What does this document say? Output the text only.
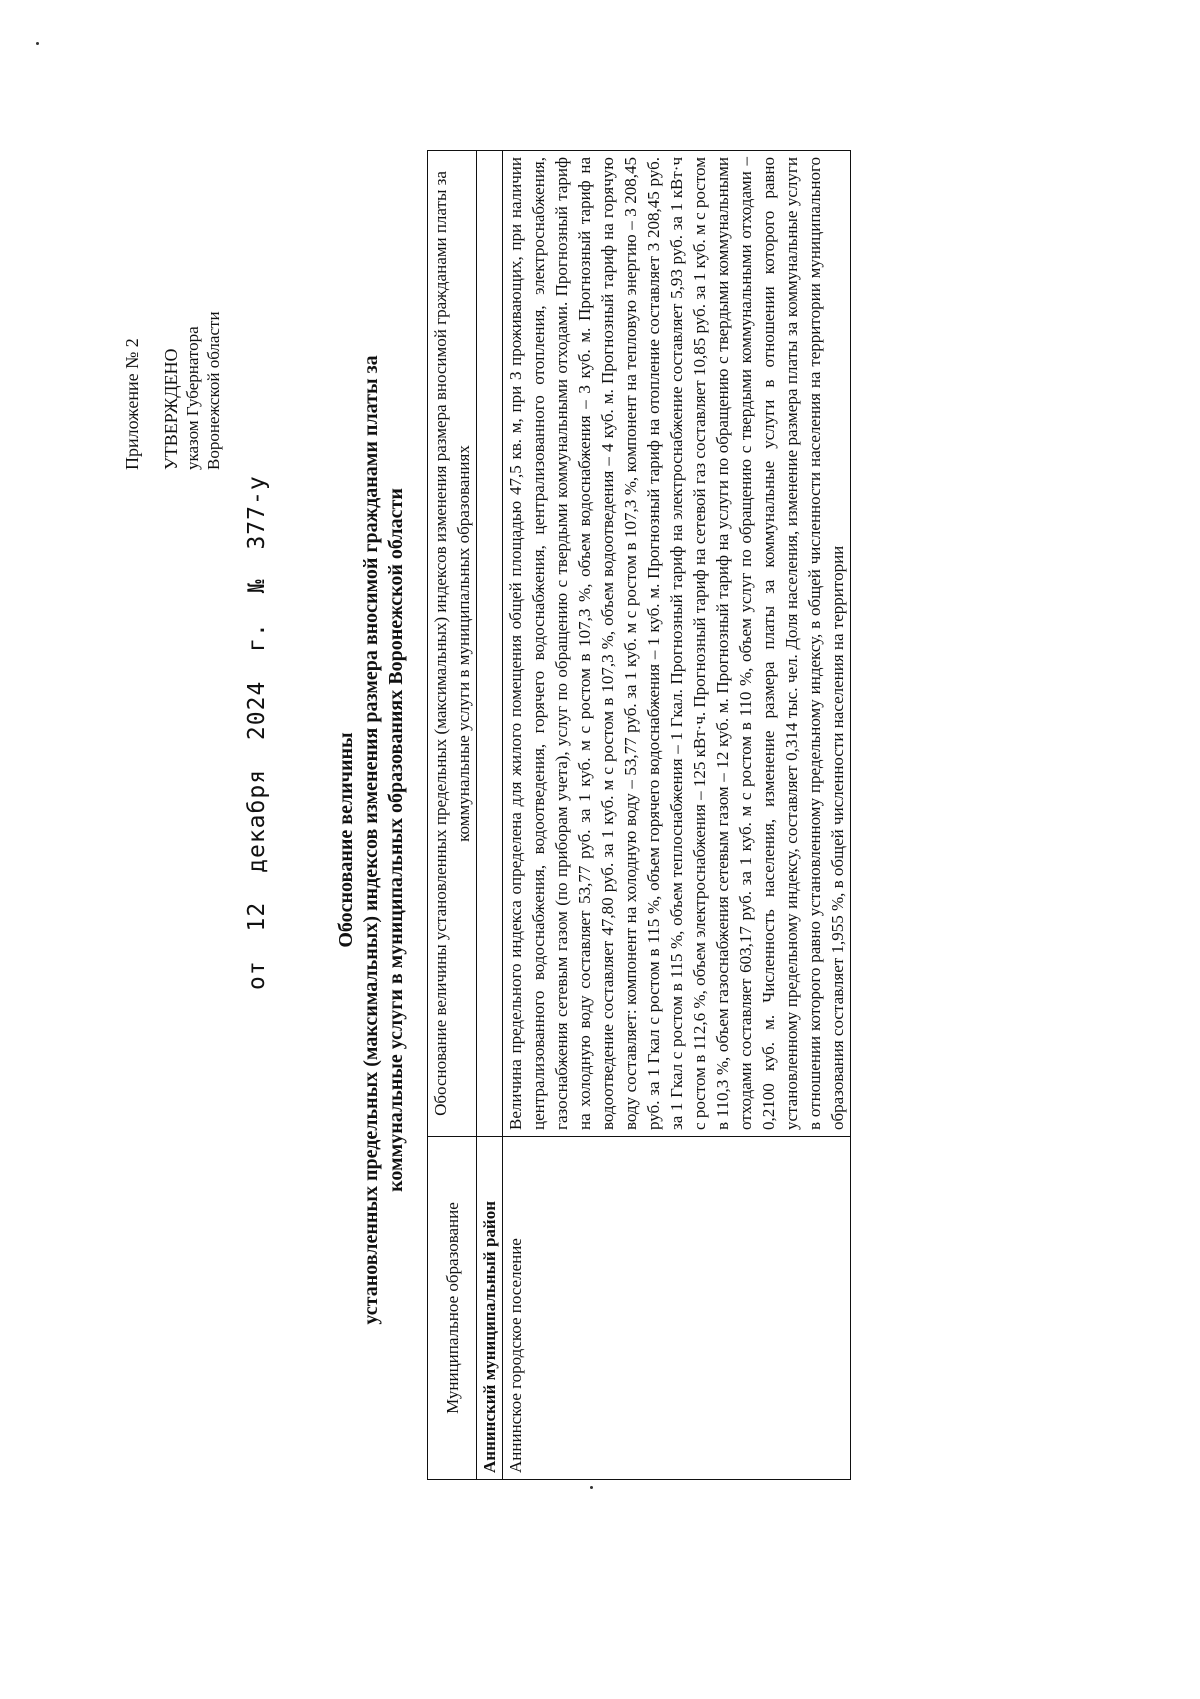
Приложение № 2 УТВЕРЖДЕНО указом Губернатора Воронежской области
от 12 декабря 2024 г. № 377-у
Обоснование величины установленных предельных (максимальных) индексов изменения размера вносимой гражданами платы за коммунальные услуги в муниципальных образованиях Воронежской области
Муниципальное образование	Обоснование величины установленных предельных (максимальных) индексов изменения размера вносимой гражданами платы за коммунальные услуги в муниципальных образованиях
Аннинский муниципальный район	
Аннинское городское поселение	Величина предельного индекса определена для жилого помещения общей площадью 47,5 кв. м, при 3 проживающих, при наличии централизованного водоснабжения, водоотведения, горячего водоснабжения, централизованного отопления, электроснабжения, газоснабжения сетевым газом (по приборам учета), услуг по обращению с твердыми коммунальными отходами. Прогнозный тариф на холодную воду составляет 53,77 руб. за 1 куб. м с ростом в 107,3 %, объем водоснабжения – 3 куб. м. Прогнозный тариф на водоотведение составляет 47,80 руб. за 1 куб. м с ростом в 107,3 %, объем водоотведения – 4 куб. м. Прогнозный тариф на горячую воду составляет: компонент на холодную воду – 53,77 руб. за 1 куб. м с ростом в 107,3 %, компонент на тепловую энергию – 3 208,45 руб. за 1 Гкал с ростом в 115 %, объем горячего водоснабжения – 1 куб. м. Прогнозный тариф на отопление составляет 3 208,45 руб. за 1 Гкал с ростом в 115 %, объем теплоснабжения – 1 Гкал. Прогнозный тариф на электроснабжение составляет 5,93 руб. за 1 кВт·ч с ростом в 112,6 %, объем электроснабжения – 125 кВт·ч. Прогнозный тариф на сетевой газ составляет 10,85 руб. за 1 куб. м с ростом в 110,3 %, объем газоснабжения сетевым газом – 12 куб. м. Прогнозный тариф на услуги по обращению с твердыми коммунальными отходами составляет 603,17 руб. за 1 куб. м с ростом в 110 %, объем услуг по обращению с твердыми коммунальными отходами – 0,2100 куб. м. Численность населения, изменение размера платы за коммунальные услуги в отношении которого равно установленному предельному индексу, составляет 0,314 тыс. чел. Доля населения, изменение размера платы за коммунальные услуги в отношении которого равно установленному предельному индексу, в общей численности населения на территории муниципального образования составляет 1,955 %, в общей численности населения на территории
